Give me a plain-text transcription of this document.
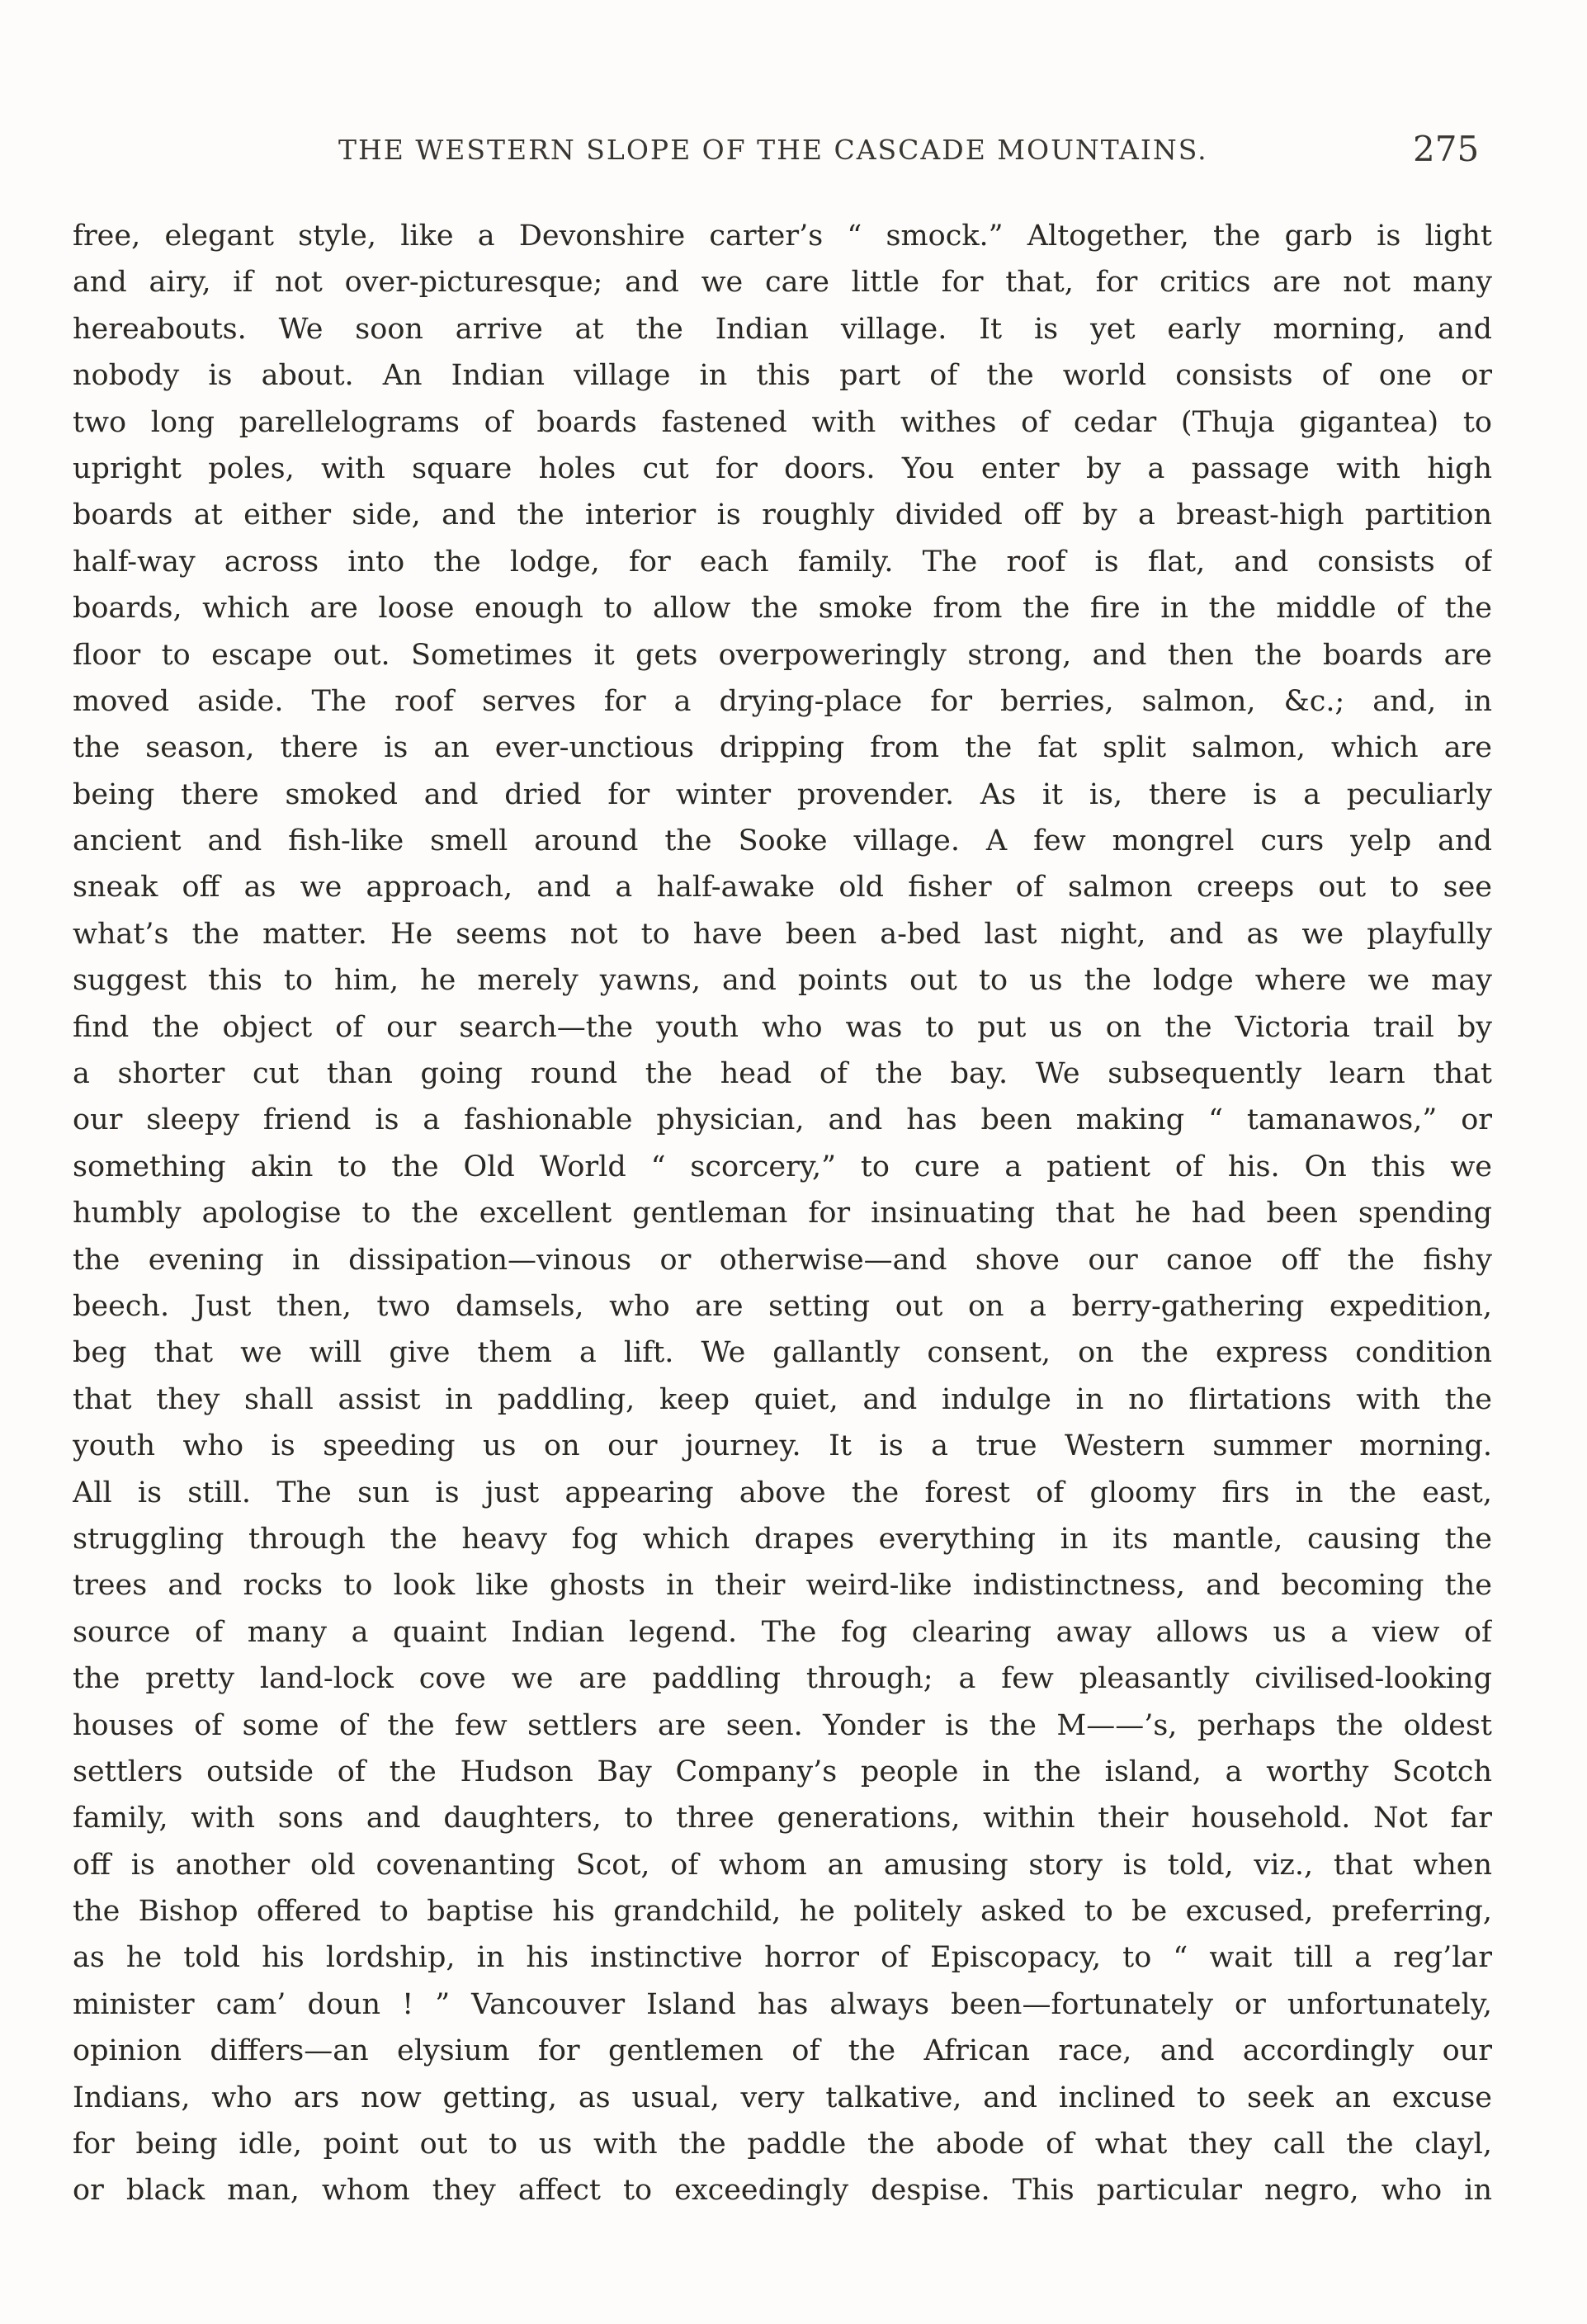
THE WESTERN SLOPE OF THE CASCADE MOUNTAINS.	275
free, elegant style, like a Devonshire carter’s “ smock.” Altogether, the garb is light
and airy, if not over-picturesque; and we care little for that, for critics are not many
hereabouts. We soon arrive at the Indian village. It is yet early morning, and
nobody is about. An Indian village in this part of the world consists of one or
two long parellelograms of boards fastened with withes of cedar (Thuja gigantea) to
upright poles, with square holes cut for doors. You enter by a passage with high
boards at either side, and the interior is roughly divided off by a breast-high partition
half-way across into the lodge, for each family. The roof is flat, and consists of
boards, which are loose enough to allow the smoke from the fire in the middle of the
floor to escape out. Sometimes it gets overpoweringly strong, and then the boards are
moved aside. The roof serves for a drying-place for berries, salmon, &c.; and, in
the season, there is an ever-unctious dripping from the fat split salmon, which are
being there smoked and dried for winter provender. As it is, there is a peculiarly
ancient and fish-like smell around the Sooke village. A few mongrel curs yelp and
sneak off as we approach, and a half-awake old fisher of salmon creeps out to see
what’s the matter. He seems not to have been a-bed last night, and as we playfully
suggest this to him, he merely yawns, and points out to us the lodge where we may
find the object of our search—the youth who was to put us on the Victoria trail by
a shorter cut than going round the head of the bay. We subsequently learn that
our sleepy friend is a fashionable physician, and has been making “ tamanawos,” or
something akin to the Old World “ scorcery,” to cure a patient of his. On this we
humbly apologise to the excellent gentleman for insinuating that he had been spending
the evening in dissipation—vinous or otherwise—and shove our canoe off the fishy
beech. Just then, two damsels, who are setting out on a berry-gathering expedition,
beg that we will give them a lift. We gallantly consent, on the express condition
that they shall assist in paddling, keep quiet, and indulge in no flirtations with the
youth who is speeding us on our journey. It is a true Western summer morning.
All is still. The sun is just appearing above the forest of gloomy firs in the east,
struggling through the heavy fog which drapes everything in its mantle, causing the
trees and rocks to look like ghosts in their weird-like indistinctness, and becoming the
source of many a quaint Indian legend. The fog clearing away allows us a view of
the pretty land-lock cove we are paddling through; a few pleasantly civilised-looking
houses of some of the few settlers are seen. Yonder is the M——’s, perhaps the oldest
settlers outside of the Hudson Bay Company’s people in the island, a worthy Scotch
family, with sons and daughters, to three generations, within their household. Not far
off is another old covenanting Scot, of whom an amusing story is told, viz., that when
the Bishop offered to baptise his grandchild, he politely asked to be excused, preferring,
as he told his lordship, in his instinctive horror of Episcopacy, to “ wait till a reg’lar
minister cam’ doun ! ” Vancouver Island has always been—fortunately or unfortunately,
opinion differs—an elysium for gentlemen of the African race, and accordingly our
Indians, who ars now getting, as usual, very talkative, and inclined to seek an excuse
for being idle, point out to us with the paddle the abode of what they call the clayl,
or black man, whom they affect to exceedingly despise. This particular negro, who in
